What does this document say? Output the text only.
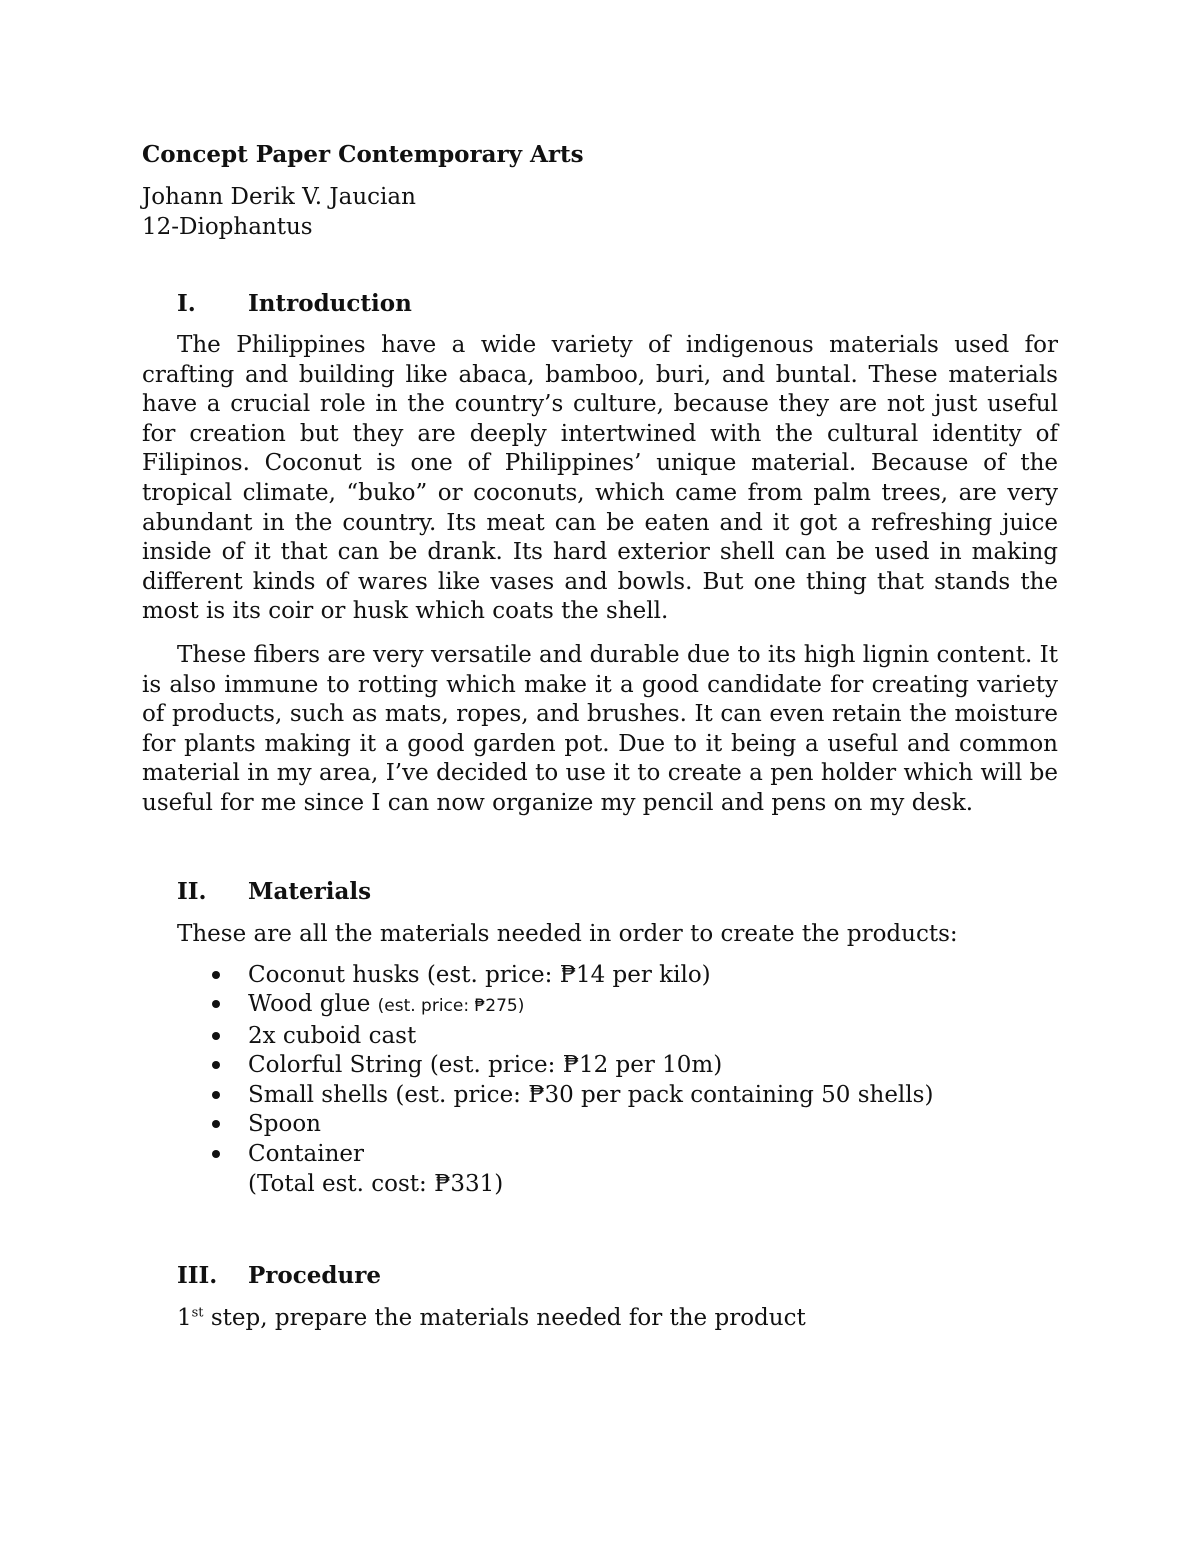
Concept Paper Contemporary Arts
Johann Derik V. Jaucian
12-Diophantus
I.	Introduction

The Philippines have a wide variety of indigenous materials used for crafting and building like abaca, bamboo, buri, and buntal. These materials have a crucial role in the country’s culture, because they are not just useful for creation but they are deeply intertwined with the cultural identity of Filipinos. Coconut is one of Philippines’ unique material. Because of the tropical climate, “buko” or coconuts, which came from palm trees, are very abundant in the country. Its meat can be eaten and it got a refreshing juice inside of it that can be drank. Its hard exterior shell can be used in making different kinds of wares like vases and bowls. But one thing that stands the most is its coir or husk which coats the shell.

These fibers are very versatile and durable due to its high lignin content. It is also immune to rotting which make it a good candidate for creating variety of products, such as mats, ropes, and brushes. It can even retain the moisture for plants making it a good garden pot. Due to it being a useful and common material in my area, I’ve decided to use it to create a pen holder which will be useful for me since I can now organize my pencil and pens on my desk.

II.	Materials
These are all the materials needed in order to create the products:
Coconut husks (est. price: ₱14 per kilo)
Wood glue (est. price: ₱275)
2x cuboid cast
Colorful String (est. price: ₱12 per 10m)
Small shells (est. price: ₱30 per pack containing 50 shells)
Spoon
Container
(Total est. cost: ₱331)
III.	Procedure
1st step, prepare the materials needed for the product
